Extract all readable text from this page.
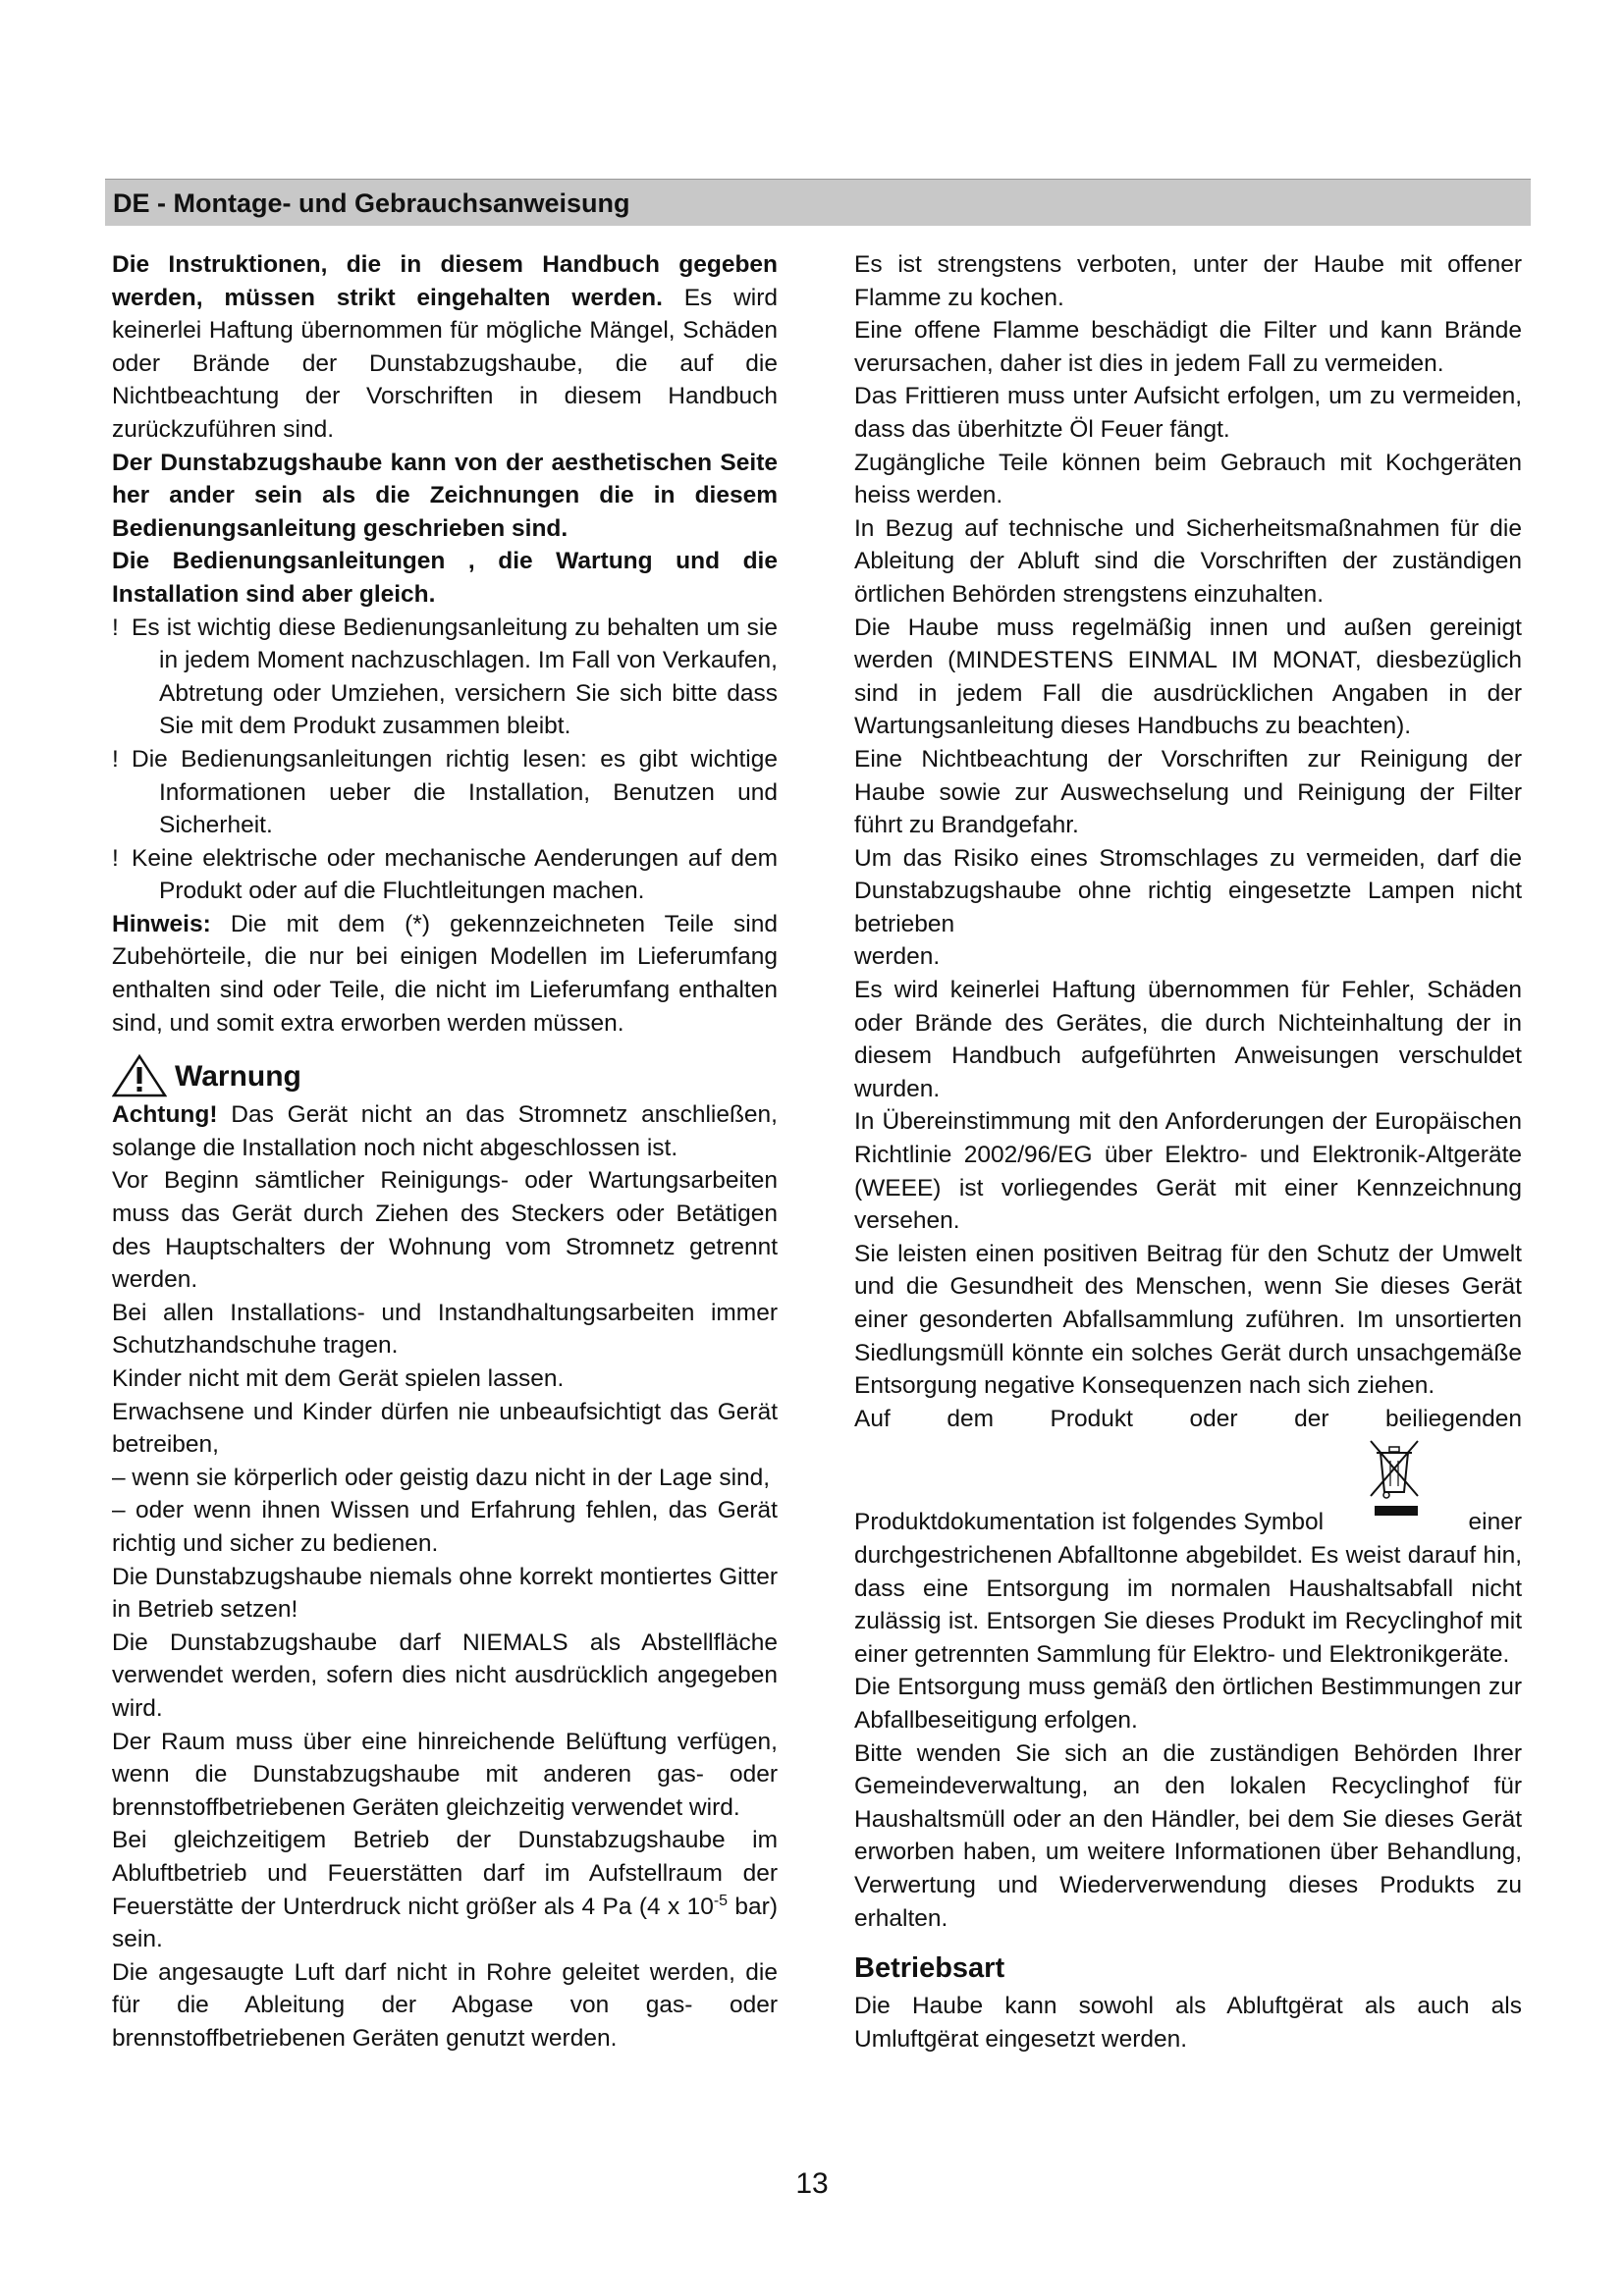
DE - Montage- und Gebrauchsanweisung

Die Instruktionen, die in diesem Handbuch gegeben werden, müssen strikt eingehalten werden. Es wird keinerlei Haftung übernommen für mögliche Mängel, Schäden oder Brände der Dunstabzugshaube, die auf die Nichtbeachtung der Vorschriften in diesem Handbuch zurückzuführen sind.

Der Dunstabzugshaube kann von der aesthetischen Seite her ander sein als die Zeichnungen die in diesem Bedienungsanleitung geschrieben sind.

Die Bedienungsanleitungen , die Wartung und die Installation sind aber gleich.

! Es ist wichtig diese Bedienungsanleitung zu behalten um sie in jedem Moment nachzuschlagen. Im Fall von Verkaufen, Abtretung oder Umziehen, versichern Sie sich bitte dass Sie mit dem Produkt zusammen bleibt.

! Die Bedienungsanleitungen richtig lesen: es gibt wichtige Informationen ueber die Installation, Benutzen und Sicherheit.

! Keine elektrische oder mechanische Aenderungen auf dem Produkt oder auf die Fluchtleitungen machen.

Hinweis: Die mit dem (*) gekennzeichneten Teile sind Zubehörteile, die nur bei einigen Modellen im Lieferumfang enthalten sind oder Teile, die nicht im Lieferumfang enthalten sind, und somit extra erworben werden müssen.

Warnung

Achtung! Das Gerät nicht an das Stromnetz anschließen, solange die Installation noch nicht abgeschlossen ist.

Vor Beginn sämtlicher Reinigungs- oder Wartungsarbeiten muss das Gerät durch Ziehen des Steckers oder Betätigen des Hauptschalters der Wohnung vom Stromnetz getrennt werden.

Bei allen Installations- und Instandhaltungsarbeiten immer Schutzhandschuhe tragen.

Kinder nicht mit dem Gerät spielen lassen.

Erwachsene und Kinder dürfen nie unbeaufsichtigt das Gerät betreiben,

– wenn sie körperlich oder geistig dazu nicht in der Lage sind,

– oder wenn ihnen Wissen und Erfahrung fehlen, das Gerät richtig und sicher zu bedienen.

Die Dunstabzugshaube niemals ohne korrekt montiertes Gitter in Betrieb setzen!

Die Dunstabzugshaube darf NIEMALS als Abstellfläche verwendet werden, sofern dies nicht ausdrücklich angegeben wird.

Der Raum muss über eine hinreichende Belüftung verfügen, wenn die Dunstabzugshaube mit anderen gas- oder brennstoffbetriebenen Geräten gleichzeitig verwendet wird.

Bei gleichzeitigem Betrieb der Dunstabzugshaube im Abluftbetrieb und Feuerstätten darf im Aufstellraum der Feuerstätte der Unterdruck nicht größer als 4 Pa (4 x $10^{-5}$ bar) sein.

Die angesaugte Luft darf nicht in Rohre geleitet werden, die für die Ableitung der Abgase von gas- oder brennstoffbetriebenen Geräten genutzt werden.

Es ist strengstens verboten, unter der Haube mit offener Flamme zu kochen.

Eine offene Flamme beschädigt die Filter und kann Brände verursachen, daher ist dies in jedem Fall zu vermeiden.

Das Frittieren muss unter Aufsicht erfolgen, um zu vermeiden, dass das überhitzte Öl Feuer fängt.

Zugängliche Teile können beim Gebrauch mit Kochgeräten heiss werden.

In Bezug auf technische und Sicherheitsmaßnahmen für die Ableitung der Abluft sind die Vorschriften der zuständigen örtlichen Behörden strengstens einzuhalten.

Die Haube muss regelmäßig innen und außen gereinigt werden (MINDESTENS EINMAL IM MONAT, diesbezüglich sind in jedem Fall die ausdrücklichen Angaben in der Wartungsanleitung dieses Handbuchs zu beachten).

Eine Nichtbeachtung der Vorschriften zur Reinigung der Haube sowie zur Auswechselung und Reinigung der Filter führt zu Brandgefahr.

Um das Risiko eines Stromschlages zu vermeiden, darf die Dunstabzugshaube ohne richtig eingesetzte Lampen nicht betrieben

werden.

Es wird keinerlei Haftung übernommen für Fehler, Schäden oder Brände des Gerätes, die durch Nichteinhaltung der in diesem Handbuch aufgeführten Anweisungen verschuldet wurden.

In Übereinstimmung mit den Anforderungen der Europäischen Richtlinie 2002/96/EG über Elektro- und Elektronik-Altgeräte (WEEE) ist vorliegendes Gerät mit einer Kennzeichnung versehen.

Sie leisten einen positiven Beitrag für den Schutz der Umwelt und die Gesundheit des Menschen, wenn Sie dieses Gerät einer gesonderten Abfallsammlung zuführen. Im unsortierten Siedlungsmüll könnte ein solches Gerät durch unsachgemäße Entsorgung negative Konsequenzen nach sich ziehen.

Auf dem Produkt oder der beiliegenden

Produktdokumentation ist folgendes Symbol	einer

durchgestrichenen Abfalltonne abgebildet. Es weist darauf hin, dass eine Entsorgung im normalen Haushaltsabfall nicht zulässig ist. Entsorgen Sie dieses Produkt im Recyclinghof mit einer getrennten Sammlung für Elektro- und Elektronikgeräte.

Die Entsorgung muss gemäß den örtlichen Bestimmungen zur Abfallbeseitigung erfolgen.

Bitte wenden Sie sich an die zuständigen Behörden Ihrer Gemeindeverwaltung, an den lokalen Recyclinghof für Haushaltsmüll oder an den Händler, bei dem Sie dieses Gerät erworben haben, um weitere Informationen über Behandlung, Verwertung und Wiederverwendung dieses Produkts zu erhalten.

Betriebsart

Die Haube kann sowohl als Abluftgërat als auch als Umluftgërat eingesetzt werden.

13
